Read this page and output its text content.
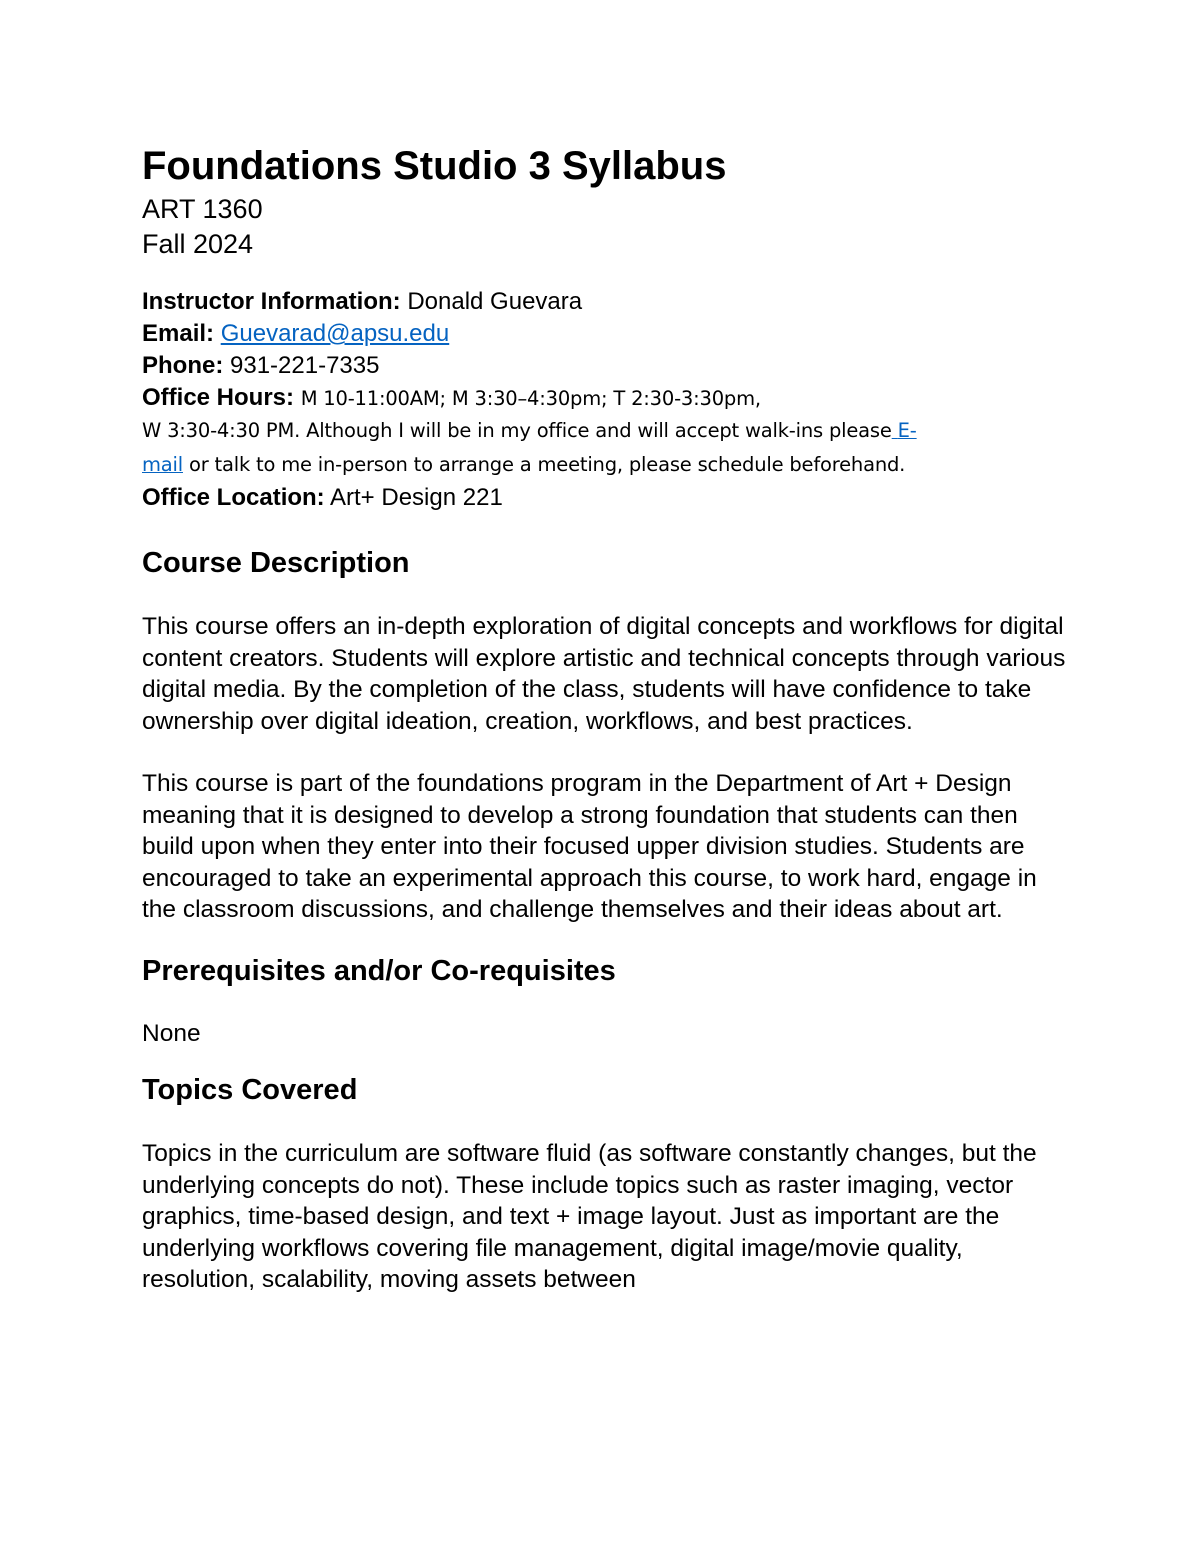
Foundations Studio 3 Syllabus
ART 1360
Fall 2024
Instructor Information: Donald Guevara
Email: Guevarad@apsu.edu
Phone: 931-221-7335
Office Hours: M 10-11:00AM; M 3:30–4:30pm; T 2:30-3:30pm,
W 3:30-4:30 PM. Although I will be in my office and will accept walk-ins please E-
mail or talk to me in-person to arrange a meeting, please schedule beforehand.
Office Location: Art+ Design 221
Course Description

This course offers an in-depth exploration of digital concepts and workflows for digital content creators. Students will explore artistic and technical concepts through various digital media. By the completion of the class, students will have confidence to take ownership over digital ideation, creation, workflows, and best practices.

This course is part of the foundations program in the Department of Art + Design meaning that it is designed to develop a strong foundation that students can then build upon when they enter into their focused upper division studies. Students are encouraged to take an experimental approach this course, to work hard, engage in the classroom discussions, and challenge themselves and their ideas about art.

Prerequisites and/or Co-requisites

None

Topics Covered

Topics in the curriculum are software fluid (as software constantly changes, but the underlying concepts do not). These include topics such as raster imaging, vector graphics, time-based design, and text + image layout. Just as important are the underlying workflows covering file management, digital image/movie quality, resolution, scalability, moving assets between
